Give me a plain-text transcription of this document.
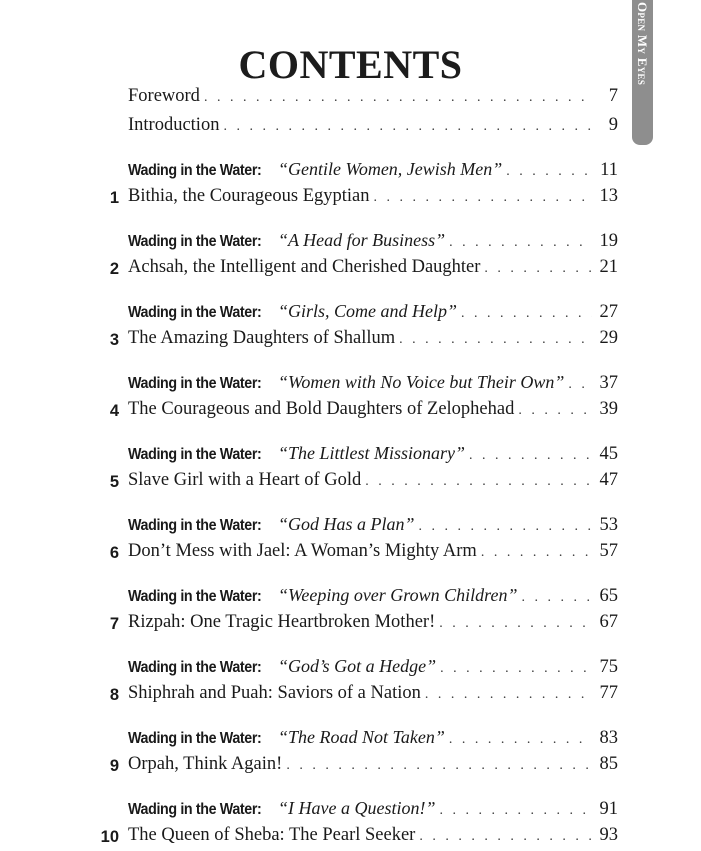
CONTENTS	Open My Eyes
Foreword . . .	7
Introduction . . .	9
Wading in the Water: “Gentile Women, Jewish Men” . . .	11
1 Bithia, the Courageous Egyptian . . .	13
Wading in the Water: “A Head for Business” . . .	19
2 Achsah, the Intelligent and Cherished Daughter . . .	21
Wading in the Water: “Girls, Come and Help” . . .	27
3 The Amazing Daughters of Shallum . . .	29
Wading in the Water: “Women with No Voice but Their Own” . . . 37
4 The Courageous and Bold Daughters of Zelophehad . . .	39
Wading in the Water: “The Littlest Missionary” . . .	45
5 Slave Girl with a Heart of Gold . . .	47
Wading in the Water: “God Has a Plan” . . .	53
6 Don’t Mess with Jael: A Woman’s Mighty Arm . . .	57
Wading in the Water: “Weeping over Grown Children” . . .	65
7 Rizpah: One Tragic Heartbroken Mother! . . .	67
Wading in the Water: “God’s Got a Hedge” . . .	75
8 Shiphrah and Puah: Saviors of a Nation . . .	77
Wading in the Water: “The Road Not Taken” . . .	83
9 Orpah, Think Again! . . .	85
Wading in the Water: “I Have a Question!” . . .	91
10 The Queen of Sheba: The Pearl Seeker . . .	93
